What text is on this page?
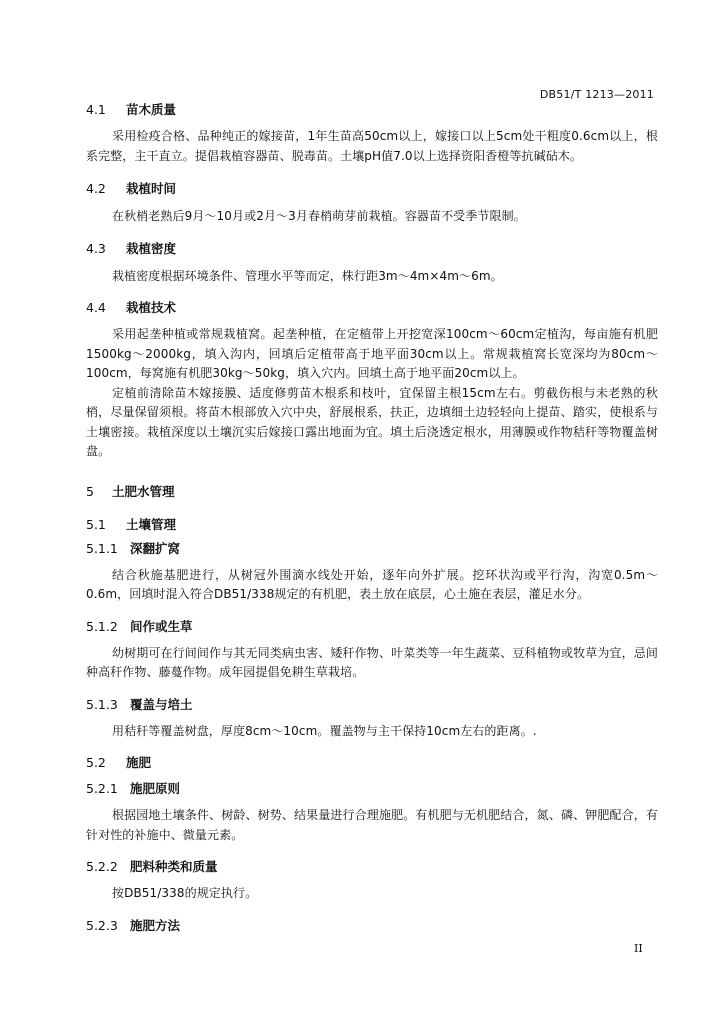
DB51/T 1213—2011
4.1 苗木质量

采用检疫合格、品种纯正的嫁接苗，1年生苗高50cm以上，嫁接口以上5cm处干粗度0.6cm以上，根系完整，主干直立。提倡栽植容器苗、脱毒苗。土壤pH值7.0以上选择资阳香橙等抗碱砧木。

4.2 栽植时间

在秋梢老熟后9月～10月或2月～3月春梢萌芽前栽植。容器苗不受季节限制。

4.3 栽植密度

栽植密度根据环境条件、管理水平等而定，株行距3m～4m×4m～6m。

4.4 栽植技术

采用起垄种植或常规栽植窝。起垄种植，在定植带上开挖宽深100cm～60cm定植沟，每亩施有机肥1500kg～2000kg，填入沟内，回填后定植带高于地平面30cm以上。常规栽植窝长宽深均为80cm～100cm，每窝施有机肥30kg～50kg，填入穴内。回填土高于地平面20cm以上。

定植前清除苗木嫁接膜、适度修剪苗木根系和枝叶，宜保留主根15cm左右。剪截伤根与未老熟的秋梢，尽量保留须根。将苗木根部放入穴中央，舒展根系，扶正，边填细土边轻轻向上提苗、踏实，使根系与土壤密接。栽植深度以土壤沉实后嫁接口露出地面为宜。填土后浇透定根水，用薄膜或作物秸秆等物覆盖树盘。

5 土肥水管理
5.1 土壤管理
5.1.1 深翻扩窝

结合秋施基肥进行，从树冠外围滴水线处开始，逐年向外扩展。挖环状沟或平行沟，沟宽0.5m～0.6m，回填时混入符合DB51/338规定的有机肥，表土放在底层，心土施在表层，灌足水分。

5.1.2 间作或生草

幼树期可在行间间作与其无同类病虫害、矮秆作物、叶菜类等一年生蔬菜、豆科植物或牧草为宜，忌间种高秆作物、藤蔓作物。成年园提倡免耕生草栽培。

5.1.3 覆盖与培土

用秸秆等覆盖树盘，厚度8cm～10cm。覆盖物与主干保持10cm左右的距离。.

5.2 施肥
5.2.1 施肥原则

根据园地土壤条件、树龄、树势、结果量进行合理施肥。有机肥与无机肥结合，氮、磷、钾肥配合，有针对性的补施中、微量元素。

5.2.2 肥料种类和质量

按DB51/338的规定执行。

5.2.3 施肥方法
II
